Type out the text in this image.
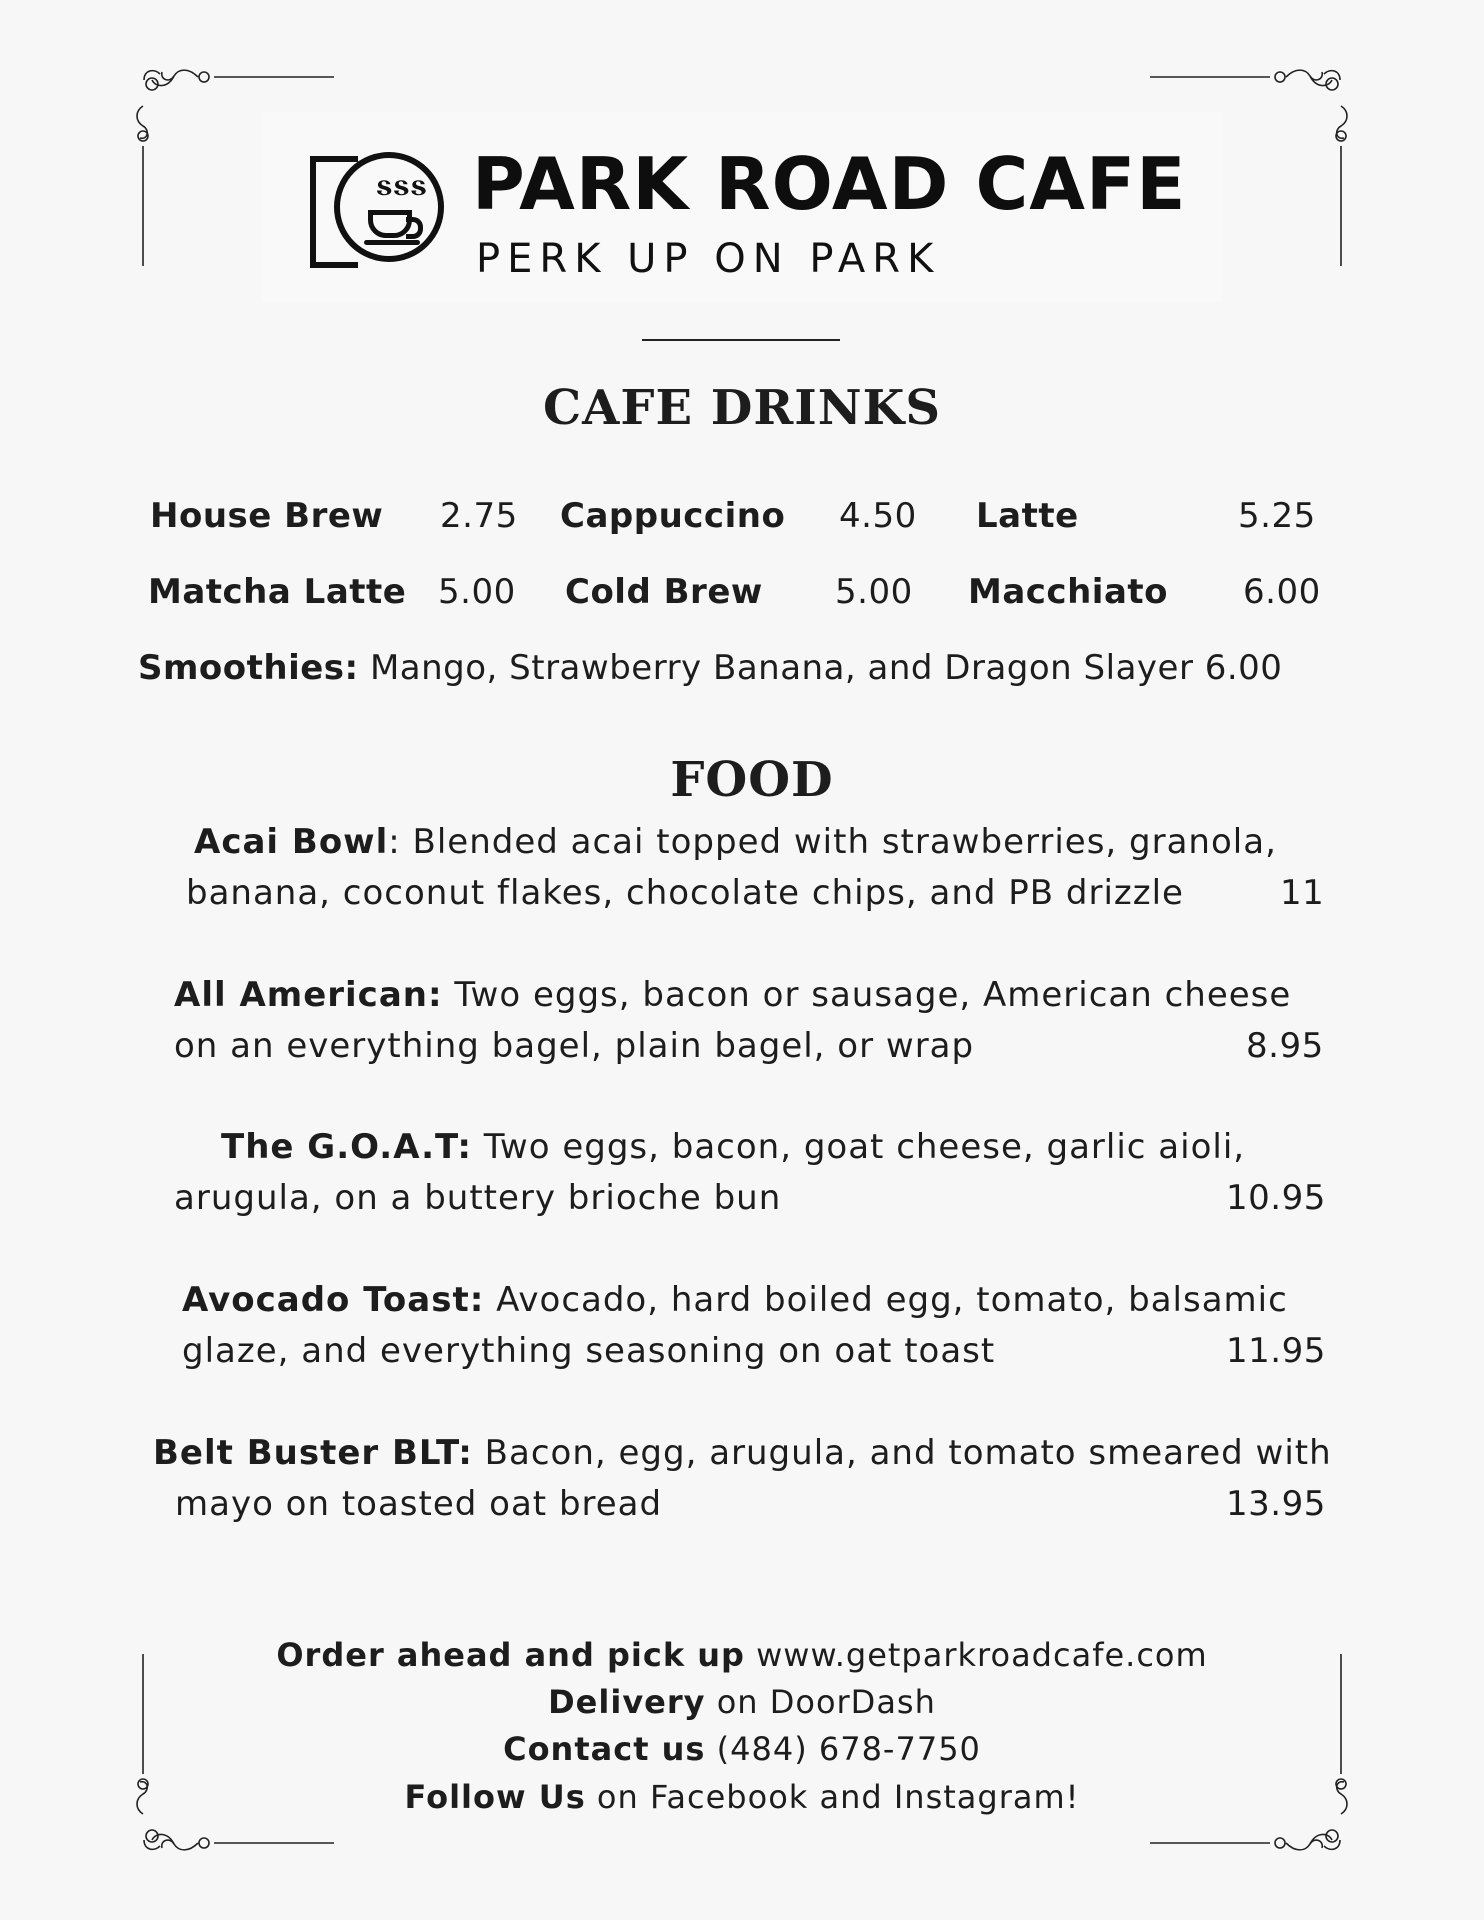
ՏՏՏ PARK ROAD CAFE
PERK UP ON PARK
CAFE DRINKS
House Brew 2.75 Cappuccino 4.50 Latte	5.25
Matcha Latte 5.00 Cold Brew 5.00 Macchiato 6.00
Smoothies: Mango, Strawberry Banana, and Dragon Slayer 6.00
FOOD
Acai Bowl: Blended acai topped with strawberries, granola,
banana, coconut flakes, chocolate chips, and PB drizzle	11
All American: Two eggs, bacon or sausage, American cheese
on an everything bagel, plain bagel, or wrap	8.95
The G.O.A.T: Two eggs, bacon, goat cheese, garlic aioli,
arugula, on a buttery brioche bun	10.95
Avocado Toast: Avocado, hard boiled egg, tomato, balsamic
glaze, and everything seasoning on oat toast	11.95
Belt Buster BLT: Bacon, egg, arugula, and tomato smeared with
mayo on toasted oat bread	13.95
Order ahead and pick up www.getparkroadcafe.com
Delivery on DoorDash
Contact us (484) 678-7750
Follow Us on Facebook and Instagram!
